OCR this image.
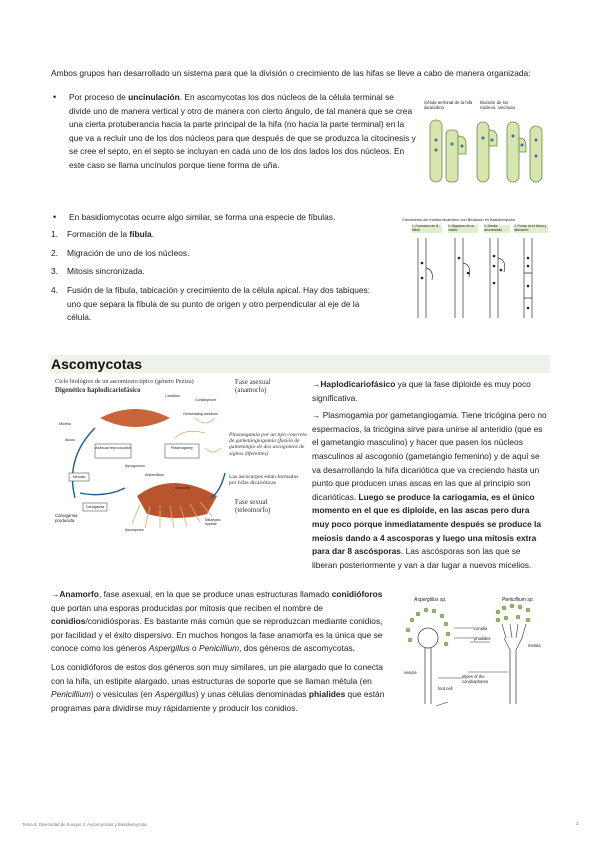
Ambos grupos han desarrollado un sistema para que la división o crecimiento de las hifas se lleve a cabo de manera organizada:

•	Por proceso de uncinulación. En ascomycotas los dos núcleos de la célula terminal se divide uno de manera vertical y otro de manera con cierto ángulo, de tal manera que se crea una cierta protuberancia hacia la parte principal de la hifa (no hacia la parte terminal) en la que va a recluir uno de los dos núcleos para que después de que se produzca la citocinesis y se cree el septo, en el septo se incluyan en cada uno de los dos lados los dos núcleos. En este caso se llama uncínulos porque tiene forma de uña.

Célula terminal de la hifa dicariótica
División de los núcleos. Uncínulo
•	En basidiomycotas ocurre algo similar, se forma una especie de fíbulas.

1.	Formación de la fíbula.

2.	Migración de uno de los núcleos.

3.	Mitosis sincronizada.

4.	Fusión de la fíbula, tabicación y crecimiento de la célula apical. Hay dos tabiques: uno que separa la fíbula de su punto de origen y otro perpendicular al eje de la célula.

Crecimiento del micelio dicariótico con fibulación en Basidiomycota
1. Formación de la fíbula
2. Migración de un núcleo
3. Mitosis sincronizada
4. Fusión de la fíbula y tabicación
Ascomycotas
Ciclo biológico de un ascomiceto típico (género Peziza)
Digenético haplodicariofásico
Fase asexual (anamorfo)
Plasmogamia por un tipo concreto de gametangiogamia (fusión de gametangio de dos ascogonios de signos diferentes)
Las ascocarpos están formados por hifas dicarióticas
Fase sexual (teleomorfo)
Asexual reproduction	Plasmogamy
Meiosis
Cariogamia
Micelio
Conidios
Germinating conidium
Conidiophore
Ascogonium
Antheridium
Ascus
Ascocarp
Dikaryotic hyphae
Ascospores
Cariogamia producida

→Haplodicariofásico ya que la fase diploide es muy poco significativa.

→ Plasmogamia por gametangiogamia. Tiene tricógina pero no espermacios, la tricógina sirve para unirse al anteridio (que es el gametangio masculino) y hacer que pasen los núcleos masculinos al ascogonio (gametangio femenino) y de aquí se va desarrollando la hifa dicariótica que va creciendo hasta un punto que producen unas ascas en las que al principio son dicarióticas. Luego se produce la cariogamia, es el único momento en el que es diploide, en las ascas pero dura muy poco porque inmediatamente después se produce la meiosis dando a 4 ascosporas y luego una mitosis extra para dar 8 ascósporas. Las ascósporas son las que se liberan posteriormente y van a dar lugar a nuevos micelios.

→Anamorfo, fase asexual, en la que se produce unas estructuras llamado conidióforos que portan una esporas producidas por mitosis que reciben el nombre de conidios/conidiósporas. Es bastante más común que se reproduzcan mediante conidios, por facilidad y el éxito dispersivo. En muchos hongos la fase anamorfa es la única que se conoce como los géneros Aspergillus o Penicillium, dos géneros de ascomycotas.

Los conidióforos de estos dos géneros son muy similares, un pie alargado que lo conecta con la hifa, un estipite alargado, unas estructuras de soporte que se llaman métula (en Penicillium) o vesículas (en Aspergillus) y unas células denominadas phialides que están programas para dividirse muy rápidamente y producir los conidios.

Aspergillus sp.	Penicillium sp.
conidia
phialides
metula
vesicle
stipes of the conidiophores
foot cell
Tema 6: Diversidad de hongos II, Ascomycotas y Basidiomycota.	2
